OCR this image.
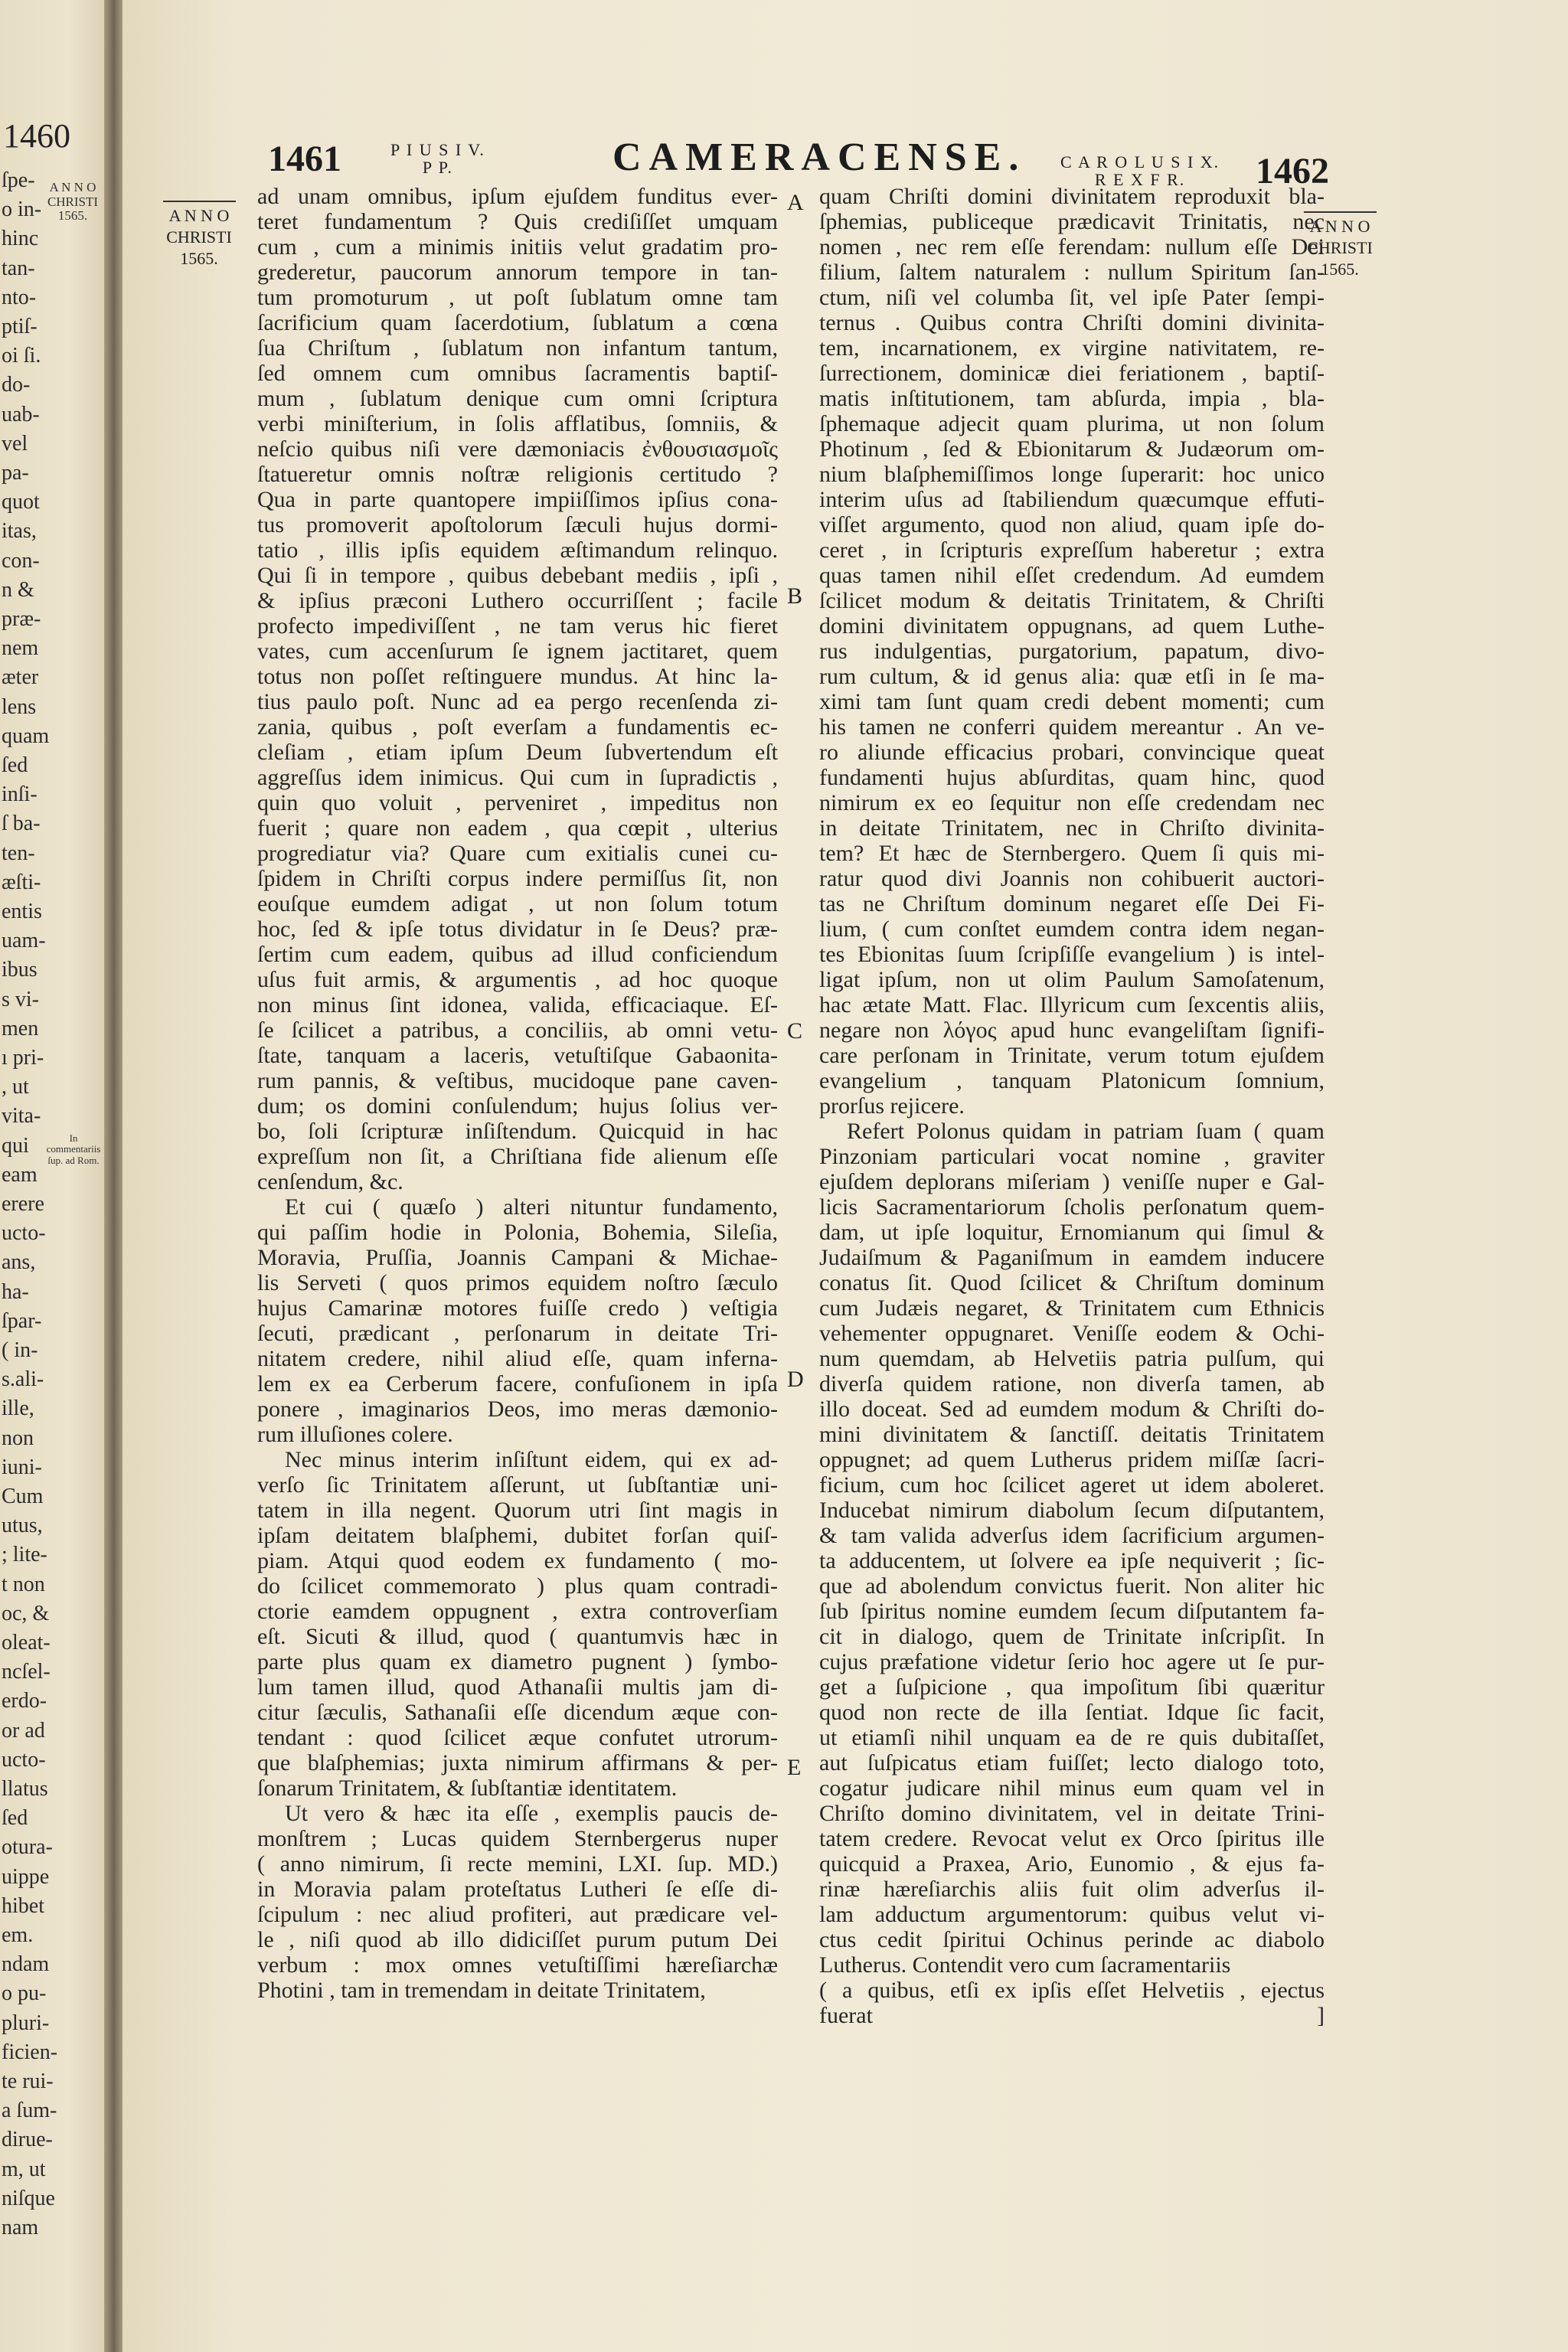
1460
ſpe-
o in-
hinc
tan-
nto-
ptiſ-
oi ſi.
do-
uab-
vel
pa-
quot
itas,
con-
n &
præ-
nem
æter
lens
quam
ſed
inſi-
ſ ba-
ten-
æſti-
entis
uam-
ibus
s vi-
men
ı pri-
, ut
vita-
qui
eam
erere
ucto-
ans,
ha-
ſpar-
( in-
s.ali-
ille,
non
iuni-
Cum
utus,
; lite-
t non
oc, &
oleat-
ncſel-
erdo-
or ad
ucto-
llatus
ſed
otura-
uippe
hibet
em.
ndam
o pu-
pluri-
ficien-
te rui-
a ſum-
dirue-
m, ut
niſque
nam
A N N O
CHRISTI
1565.
In commentariis ſup. ad Rom.
1461	P I U S I V.
P P.	CAMERACENSE. C A R O L U S I X.
R E X F R.	1462
A N N O
CHRISTI
1565.
A N N O
CHRISTI
1565.
A
B
C
D
E
ad unam omnibus, ipſum ejuſdem funditus ever-
teret fundamentum ? Quis crediſiſſet umquam
cum , cum a minimis initiis velut gradatim pro-
grederetur, paucorum annorum tempore in tan-
tum promoturum , ut poſt ſublatum omne tam
ſacrificium quam ſacerdotium, ſublatum a cœna
ſua Chriſtum , ſublatum non infantum tantum,
ſed omnem cum omnibus ſacramentis baptiſ-
mum , ſublatum denique cum omni ſcriptura
verbi miniſterium, in ſolis afflatibus, ſomniis, &
neſcio quibus niſi vere dæmoniacis ἐνθουσιασμοῖς
ſtatueretur omnis noſtræ religionis certitudo ?
Qua in parte quantopere impiiſſimos ipſius cona-
tus promoverit apoſtolorum ſæculi hujus dormi-
tatio , illis ipſis equidem æſtimandum relinquo.
Qui ſi in tempore , quibus debebant mediis , ipſi ,
& ipſius præconi Luthero occurriſſent ; facile
profecto impediviſſent , ne tam verus hic fieret
vates, cum accenſurum ſe ignem jactitaret, quem
totus non poſſet reſtinguere mundus. At hinc la-
tius paulo poſt. Nunc ad ea pergo recenſenda zi-
zania, quibus , poſt everſam a fundamentis ec-
cleſiam , etiam ipſum Deum ſubvertendum eſt
aggreſſus idem inimicus. Qui cum in ſupradictis ,
quin quo voluit , perveniret , impeditus non
fuerit ; quare non eadem , qua cœpit , ulterius
progrediatur via? Quare cum exitialis cunei cu-
ſpidem in Chriſti corpus indere permiſſus ſit, non
eouſque eumdem adigat , ut non ſolum totum
hoc, ſed & ipſe totus dividatur in ſe Deus? præ-
ſertim cum eadem, quibus ad illud conficiendum
uſus fuit armis, & argumentis , ad hoc quoque
non minus ſint idonea, valida, efficaciaque. Eſ-
ſe ſcilicet a patribus, a conciliis, ab omni vetu-
ſtate, tanquam a laceris, vetuſtiſque Gabaonita-
rum pannis, & veſtibus, mucidoque pane caven-
dum; os domini conſulendum; hujus ſolius ver-
bo, ſoli ſcripturæ inſiſtendum. Quicquid in hac
expreſſum non ſit, a Chriſtiana fide alienum eſſe
cenſendum, &c.
Et cui ( quæſo ) alteri nituntur fundamento,
qui paſſim hodie in Polonia, Bohemia, Sileſia,
Moravia, Pruſſia, Joannis Campani & Michae-
lis Serveti ( quos primos equidem noſtro ſæculo
hujus Camarinæ motores fuiſſe credo ) veſtigia
ſecuti, prædicant , perſonarum in deitate Tri-
nitatem credere, nihil aliud eſſe, quam inferna-
lem ex ea Cerberum facere, confuſionem in ipſa
ponere , imaginarios Deos, imo meras dæmonio-
rum illuſiones colere.
Nec minus interim inſiſtunt eidem, qui ex ad-
verſo ſic Trinitatem aſſerunt, ut ſubſtantiæ uni-
tatem in illa negent. Quorum utri ſint magis in
ipſam deitatem blaſphemi, dubitet forſan quiſ-
piam. Atqui quod eodem ex fundamento ( mo-
do ſcilicet commemorato ) plus quam contradi-
ctorie eamdem oppugnent , extra controverſiam
eſt. Sicuti & illud, quod ( quantumvis hæc in
parte plus quam ex diametro pugnent ) ſymbo-
lum tamen illud, quod Athanaſii multis jam di-
citur ſæculis, Sathanaſii eſſe dicendum æque con-
tendant : quod ſcilicet æque confutet utrorum-
que blaſphemias; juxta nimirum affirmans & per-
ſonarum Trinitatem, & ſubſtantiæ identitatem.
Ut vero & hæc ita eſſe , exemplis paucis de-
monſtrem ; Lucas quidem Sternbergerus nuper
( anno nimirum, ſi recte memini, LXI. ſup. MD.)
in Moravia palam proteſtatus Lutheri ſe eſſe di-
ſcipulum : nec aliud profiteri, aut prædicare vel-
le , niſi quod ab illo didiciſſet purum putum Dei
verbum : mox omnes vetuſtiſſimi hæreſiarchæ
Photini , tam in tremendam in deitate Trinitatem,
quam Chriſti domini divinitatem reproduxit bla-
ſphemias, publiceque prædicavit Trinitatis, nec
nomen , nec rem eſſe ferendam: nullum eſſe Dei
filium, ſaltem naturalem : nullum Spiritum ſan-
ctum, niſi vel columba ſit, vel ipſe Pater ſempi-
ternus . Quibus contra Chriſti domini divinita-
tem, incarnationem, ex virgine nativitatem, re-
ſurrectionem, dominicæ diei feriationem , baptiſ-
matis inſtitutionem, tam abſurda, impia , bla-
ſphemaque adjecit quam plurima, ut non ſolum
Photinum , ſed & Ebionitarum & Judæorum om-
nium blaſphemiſſimos longe ſuperarit: hoc unico
interim uſus ad ſtabiliendum quæcumque effuti-
viſſet argumento, quod non aliud, quam ipſe do-
ceret , in ſcripturis expreſſum haberetur ; extra
quas tamen nihil eſſet credendum. Ad eumdem
ſcilicet modum & deitatis Trinitatem, & Chriſti
domini divinitatem oppugnans, ad quem Luthe-
rus indulgentias, purgatorium, papatum, divo-
rum cultum, & id genus alia: quæ etſi in ſe ma-
ximi tam ſunt quam credi debent momenti; cum
his tamen ne conferri quidem mereantur . An ve-
ro aliunde efficacius probari, convincique queat
fundamenti hujus abſurditas, quam hinc, quod
nimirum ex eo ſequitur non eſſe credendam nec
in deitate Trinitatem, nec in Chriſto divinita-
tem? Et hæc de Sternbergero. Quem ſi quis mi-
ratur quod divi Joannis non cohibuerit auctori-
tas ne Chriſtum dominum negaret eſſe Dei Fi-
lium, ( cum conſtet eumdem contra idem negan-
tes Ebionitas ſuum ſcripſiſſe evangelium ) is intel-
ligat ipſum, non ut olim Paulum Samoſatenum,
hac ætate Matt. Flac. Illyricum cum ſexcentis aliis,
negare non λόγος apud hunc evangeliſtam ſignifi-
care perſonam in Trinitate, verum totum ejuſdem
evangelium , tanquam Platonicum ſomnium,
prorſus rejicere.
Refert Polonus quidam in patriam ſuam ( quam
Pinzoniam particulari vocat nomine , graviter
ejuſdem deplorans miſeriam ) veniſſe nuper e Gal-
licis Sacramentariorum ſcholis perſonatum quem-
dam, ut ipſe loquitur, Ernomianum qui ſimul &
Judaiſmum & Paganiſmum in eamdem inducere
conatus ſit. Quod ſcilicet & Chriſtum dominum
cum Judæis negaret, & Trinitatem cum Ethnicis
vehementer oppugnaret. Veniſſe eodem & Ochi-
num quemdam, ab Helvetiis patria pulſum, qui
diverſa quidem ratione, non diverſa tamen, ab
illo doceat. Sed ad eumdem modum & Chriſti do-
mini divinitatem & ſanctiſſ. deitatis Trinitatem
oppugnet; ad quem Lutherus pridem miſſæ ſacri-
ficium, cum hoc ſcilicet ageret ut idem aboleret.
Inducebat nimirum diabolum ſecum diſputantem,
& tam valida adverſus idem ſacrificium argumen-
ta adducentem, ut ſolvere ea ipſe nequiverit ; ſic-
que ad abolendum convictus fuerit. Non aliter hic
ſub ſpiritus nomine eumdem ſecum diſputantem fa-
cit in dialogo, quem de Trinitate inſcripſit. In
cujus præfatione videtur ſerio hoc agere ut ſe pur-
get a ſuſpicione , qua impoſitum ſibi quæritur
quod non recte de illa ſentiat. Idque ſic facit,
ut etiamſi nihil unquam ea de re quis dubitaſſet,
aut ſuſpicatus etiam fuiſſet; lecto dialogo toto,
cogatur judicare nihil minus eum quam vel in
Chriſto domino divinitatem, vel in deitate Trini-
tatem credere. Revocat velut ex Orco ſpiritus ille
quicquid a Praxea, Ario, Eunomio , & ejus fa-
rinæ hæreſiarchis aliis fuit olim adverſus il-
lam adductum argumentorum: quibus velut vi-
ctus cedit ſpiritui Ochinus perinde ac diabolo
Lutherus. Contendit vero cum ſacramentariis
( a quibus, etſi ex ipſis eſſet Helvetiis , ejectus
fuerat ]
